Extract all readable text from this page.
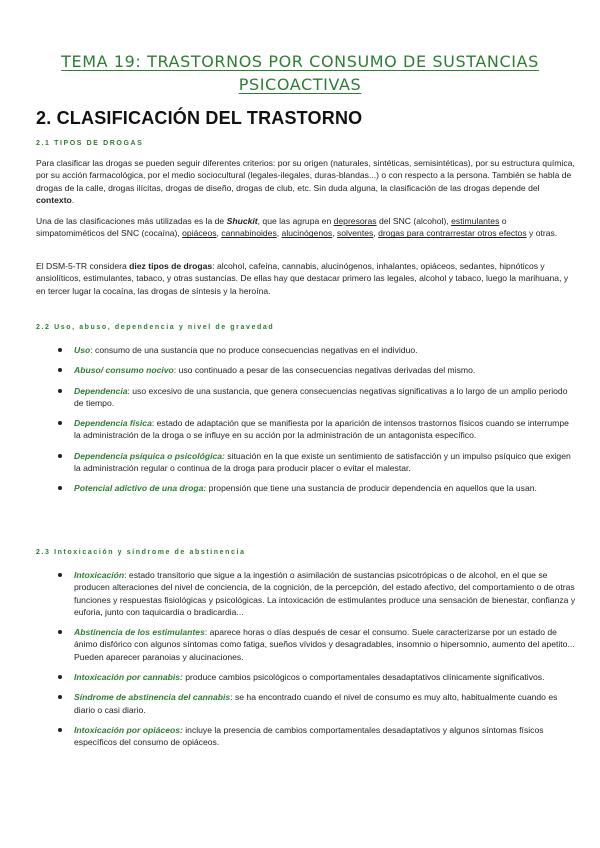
TEMA 19: TRASTORNOS POR CONSUMO DE SUSTANCIAS
PSICOACTIVAS
2. CLASIFICACIÓN DEL TRASTORNO
2.1 TIPOS DE DROGAS

Para clasificar las drogas se pueden seguir diferentes criterios: por su origen (naturales, sintéticas, semisintéticas), por su estructura química, por su acción farmacológica, por el medio sociocultural (legales-ilegales, duras-blandas...) o con respecto a la persona. También se habla de drogas de la calle, drogas ilícitas, drogas de diseño, drogas de club, etc. Sin duda alguna, la clasificación de las drogas depende del contexto.

Una de las clasificaciones más utilizadas es la de Shuckit, que las agrupa en depresoras del SNC (alcohol), estimulantes o simpatomiméticos del SNC (cocaína), opiáceos, cannabinoides, alucinógenos, solventes, drogas para contrarrestar otros efectos y otras.

El DSM-5-TR considera diez tipos de drogas: alcohol, cafeína, cannabis, alucinógenos, inhalantes, opiáceos, sedantes, hipnóticos y ansiolíticos, estimulantes, tabaco, y otras sustancias. De ellas hay que destacar primero las legales, alcohol y tabaco, luego la marihuana, y en tercer lugar la cocaína, las drogas de síntesis y la heroína.

2.2 Uso, abuso, dependencia y nivel de gravedad
Uso: consumo de una sustancia que no produce consecuencias negativas en el individuo.
Abuso/ consumo nocivo: uso continuado a pesar de las consecuencias negativas derivadas del mismo.
Dependencia: uso excesivo de una sustancia, que genera consecuencias negativas significativas a lo largo de un amplio periodo de tiempo.
Dependencia física: estado de adaptación que se manifiesta por la aparición de intensos trastornos físicos cuando se interrumpe la administración de la droga o se influye en su acción por la administración de un antagonista específico.
Dependencia psíquica o psicológica: situación en la que existe un sentimiento de satisfacción y un impulso psíquico que exigen la administración regular o continua de la droga para producir placer o evitar el malestar.
Potencial adictivo de una droga: propensión que tiene una sustancia de producir dependencia en aquellos que la usan.
2.3 Intoxicación y síndrome de abstinencia
Intoxicación: estado transitorio que sigue a la ingestión o asimilación de sustancias psicotrópicas o de alcohol, en el que se producen alteraciones del nivel de conciencia, de la cognición, de la percepción, del estado afectivo, del comportamiento o de otras funciones y respuestas fisiológicas y psicológicas. La intoxicación de estimulantes produce una sensación de bienestar, confianza y euforia, junto con taquicardia o bradicardia...
Abstinencia de los estimulantes: aparece horas o días después de cesar el consumo. Suele caracterizarse por un estado de ánimo disfórico con algunos síntomas como fatiga, sueños vívidos y desagradables, insomnio o hipersomnio, aumento del apetito... Pueden aparecer paranoias y alucinaciones.
Intoxicación por cannabis: produce cambios psicológicos o comportamentales desadaptativos clínicamente significativos.
Síndrome de abstinencia del cannabis: se ha encontrado cuando el nivel de consumo es muy alto, habitualmente cuando es diario o casi diario.
Intoxicación por opiáceos: incluye la presencia de cambios comportamentales desadaptativos y algunos síntomas físicos específicos del consumo de opiáceos.
